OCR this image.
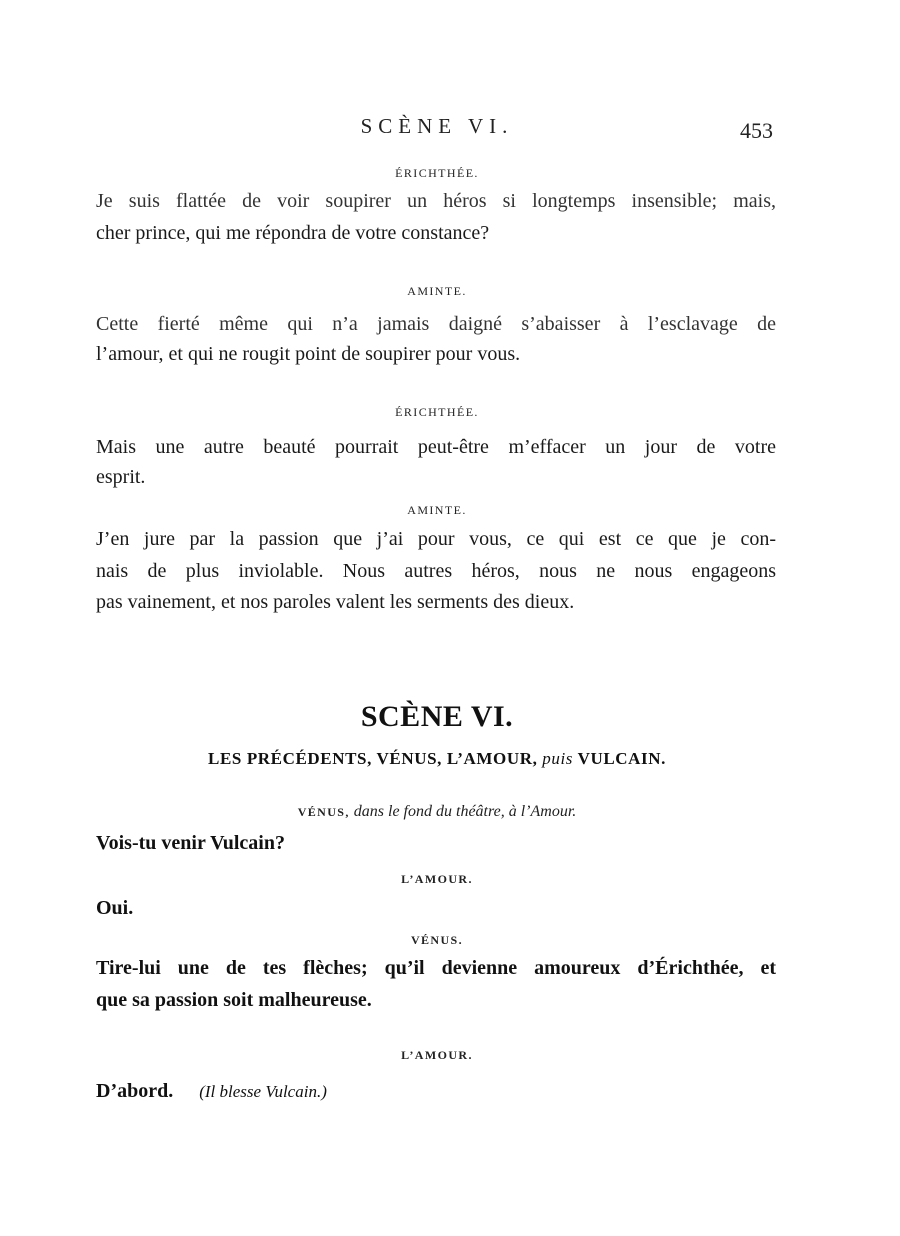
SCÈNE VI.	453
ÉRICHTHÉE.
Je suis flattée de voir soupirer un héros si longtemps insensible; mais,
cher prince, qui me répondra de votre constance?
AMINTE.
Cette fierté même qui n’a jamais daigné s’abaisser à l’esclavage de
l’amour, et qui ne rougit point de soupirer pour vous.
ÉRICHTHÉE.
Mais une autre beauté pourrait peut-être m’effacer un jour de votre
esprit.
AMINTE.
J’en jure par la passion que j’ai pour vous, ce qui est ce que je con-
nais de plus inviolable. Nous autres héros, nous ne nous engageons
pas vainement, et nos paroles valent les serments des dieux.
SCÈNE VI.
LES PRÉCÉDENTS, VÉNUS, L’AMOUR, puis VULCAIN.
VÉNUS, dans le fond du théâtre, à l’Amour.
Vois-tu venir Vulcain?
L’AMOUR.
Oui.
VÉNUS.
Tire-lui une de tes flèches; qu’il devienne amoureux d’Érichthée, et
que sa passion soit malheureuse.
L’AMOUR.
D’abord. (Il blesse Vulcain.)
